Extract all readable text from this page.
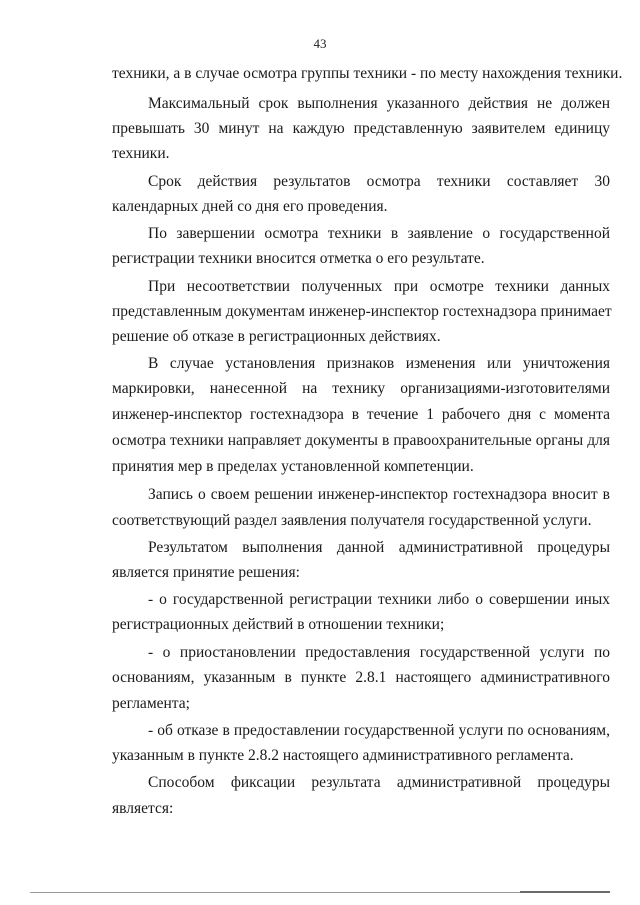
43
техники, а в случае осмотра группы техники - по месту нахождения техники.
Максимальный срок выполнения указанного действия не должен
превышать 30 минут на каждую представленную заявителем единицу
техники.
Срок действия результатов осмотра техники составляет 30
календарных дней со дня его проведения.
По завершении осмотра техники в заявление о государственной
регистрации техники вносится отметка о его результате.
При несоответствии полученных при осмотре техники данных
представленным документам инженер-инспектор гостехнадзора принимает
решение об отказе в регистрационных действиях.
В случае установления признаков изменения или уничтожения
маркировки, нанесенной на технику организациями-изготовителями
инженер-инспектор гостехнадзора в течение 1 рабочего дня с момента
осмотра техники направляет документы в правоохранительные органы для
принятия мер в пределах установленной компетенции.
Запись о своем решении инженер-инспектор гостехнадзора вносит в
соответствующий раздел заявления получателя государственной услуги.
Результатом выполнения данной административной процедуры
является принятие решения:
- о государственной регистрации техники либо о совершении иных
регистрационных действий в отношении техники;
- о приостановлении предоставления государственной услуги по
основаниям, указанным в пункте 2.8.1 настоящего административного
регламента;
- об отказе в предоставлении государственной услуги по основаниям,
указанным в пункте 2.8.2 настоящего административного регламента.
Способом фиксации результата административной процедуры
является:
